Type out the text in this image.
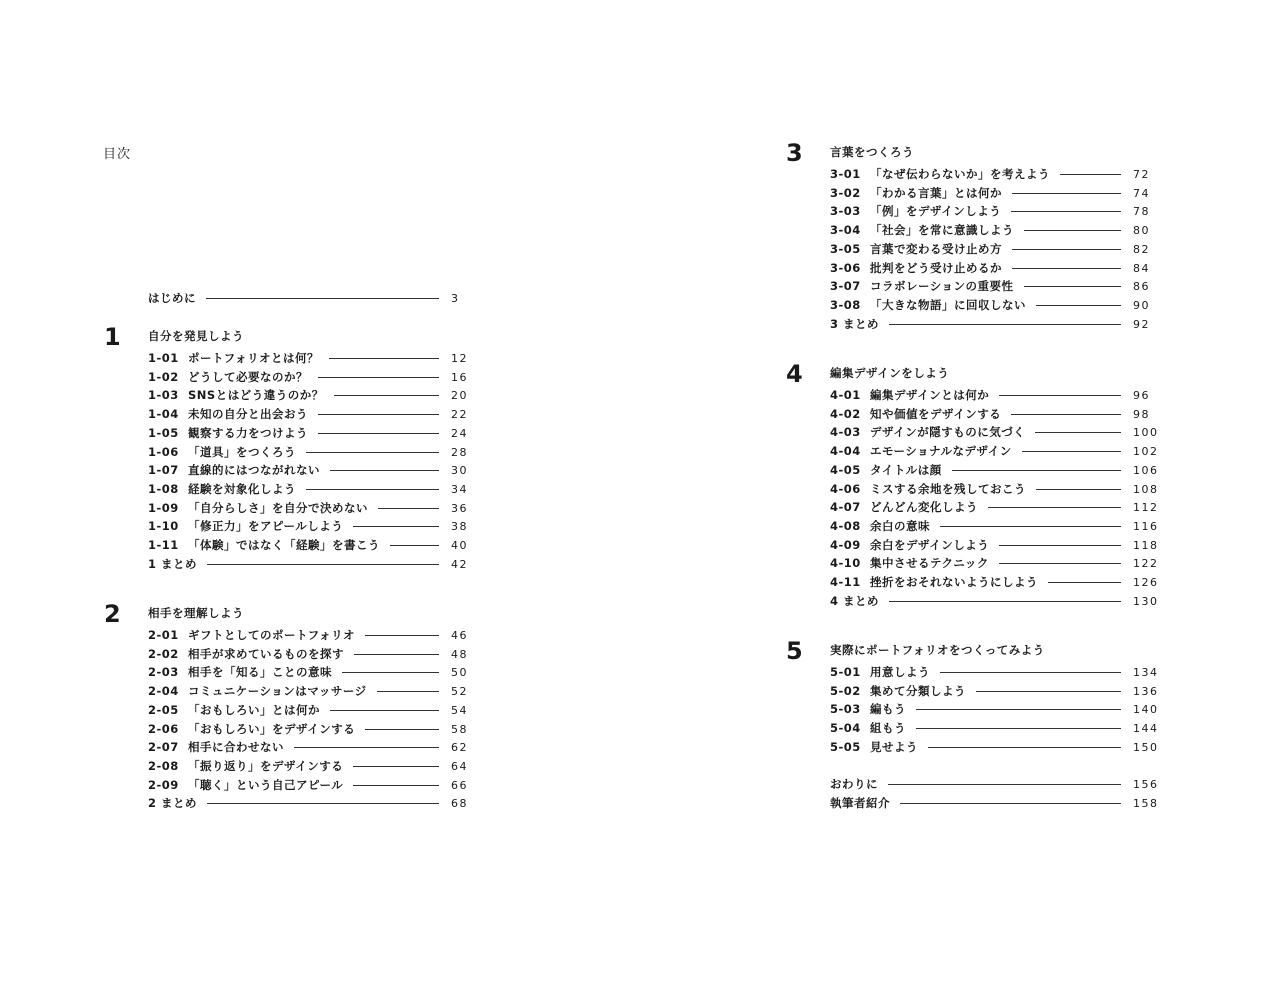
目次
はじめに	3
1 自分を発見しよう
1-01 ポートフォリオとは何？	12
1-02 どうして必要なのか？	16
1-03 SNSとはどう違うのか？	20
1-04 未知の自分と出会おう	22
1-05 観察する力をつけよう	24
1-06 「道具」をつくろう	28
1-07 直線的にはつながれない	30
1-08 経験を対象化しよう	34
1-09 「自分らしさ」を自分で決めない	36
1-10 「修正力」をアピールしよう	38
1-11 「体験」ではなく「経験」を書こう	40
1 まとめ	42
2 相手を理解しよう
2-01 ギフトとしてのポートフォリオ	46
2-02 相手が求めているものを探す	48
2-03 相手を「知る」ことの意味	50
2-04 コミュニケーションはマッサージ	52
2-05 「おもしろい」とは何か	54
2-06 「おもしろい」をデザインする	58
2-07 相手に合わせない	62
2-08 「振り返り」をデザインする	64
2-09 「聴く」という自己アピール	66
2 まとめ	68
3 言葉をつくろう
3-01 「なぜ伝わらないか」を考えよう	72
3-02 「わかる言葉」とは何か	74
3-03 「例」をデザインしよう	78
3-04 「社会」を常に意識しよう	80
3-05 言葉で変わる受け止め方	82
3-06 批判をどう受け止めるか	84
3-07 コラボレーションの重要性	86
3-08 「大きな物語」に回収しない	90
3 まとめ	92
4 編集デザインをしよう
4-01 編集デザインとは何か	96
4-02 知や価値をデザインする	98
4-03 デザインが隠すものに気づく	100
4-04 エモーショナルなデザイン	102
4-05 タイトルは顔	106
4-06 ミスする余地を残しておこう	108
4-07 どんどん変化しよう	112
4-08 余白の意味	116
4-09 余白をデザインしよう	118
4-10 集中させるテクニック	122
4-11 挫折をおそれないようにしよう	126
4 まとめ	130
5 実際にポートフォリオをつくってみよう
5-01 用意しよう	134
5-02 集めて分類しよう	136
5-03 編もう	140
5-04 組もう	144
5-05 見せよう	150
おわりに	156
執筆者紹介	158
